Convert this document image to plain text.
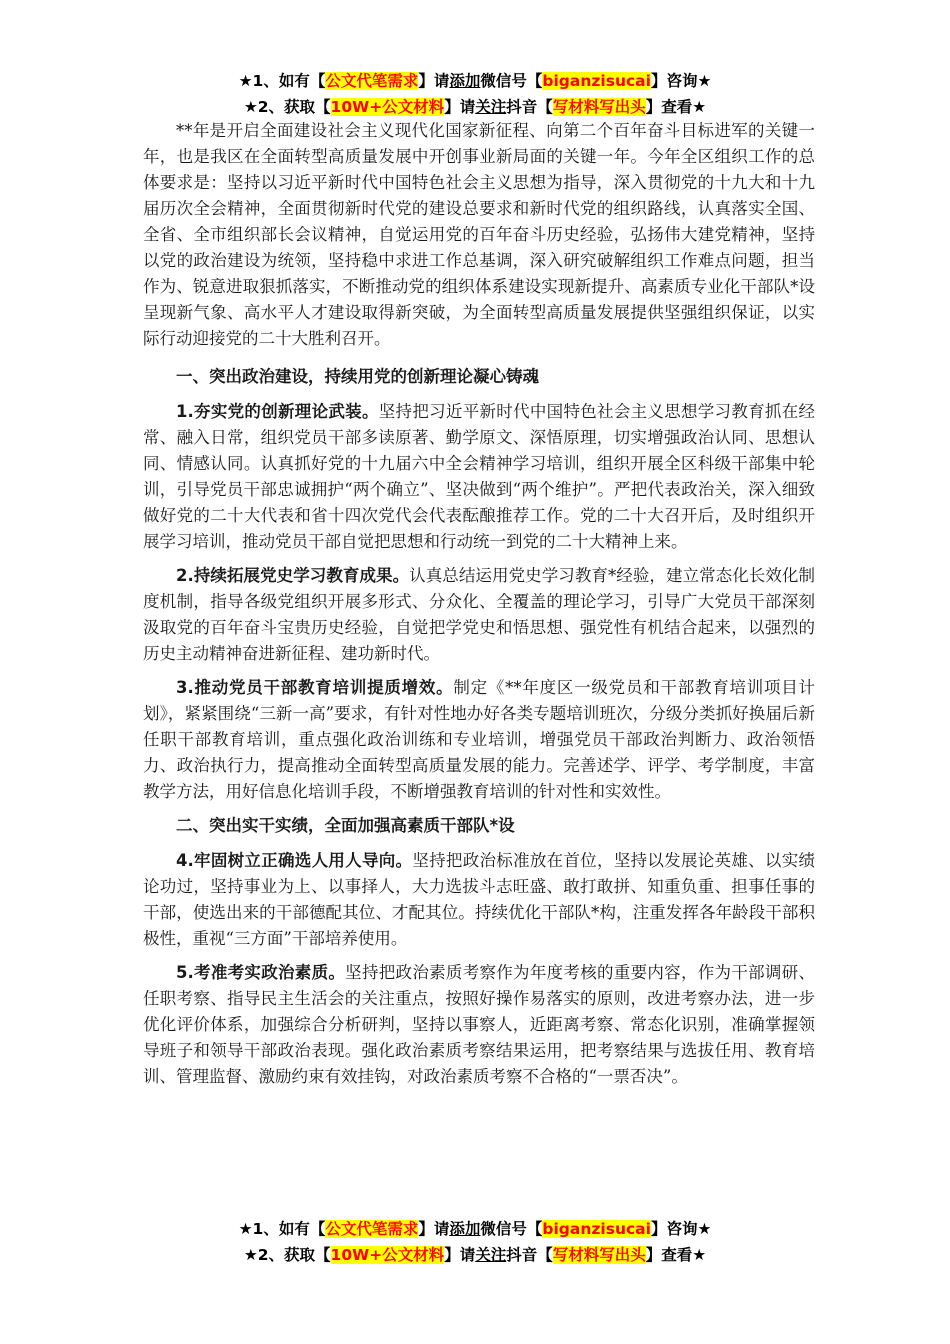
★1、如有【公文代笔需求】请添加微信号【biganzisucai】咨询★
★2、获取【10W+公文材料】请关注抖音【写材料写出头】查看★

**年是开启全面建设社会主义现代化国家新征程、向第二个百年奋斗目标进军的关键一年，也是我区在全面转型高质量发展中开创事业新局面的关键一年。今年全区组织工作的总体要求是：坚持以习近平新时代中国特色社会主义思想为指导，深入贯彻党的十九大和十九届历次全会精神，全面贯彻新时代党的建设总要求和新时代党的组织路线，认真落实全国、全省、全市组织部长会议精神，自觉运用党的百年奋斗历史经验，弘扬伟大建党精神，坚持以党的政治建设为统领，坚持稳中求进工作总基调，深入研究破解组织工作难点问题，担当作为、锐意进取狠抓落实，不断推动党的组织体系建设实现新提升、高素质专业化干部队*设呈现新气象、高水平人才建设取得新突破，为全面转型高质量发展提供坚强组织保证，以实际行动迎接党的二十大胜利召开。

一、突出政治建设，持续用党的创新理论凝心铸魂

1.夯实党的创新理论武装。坚持把习近平新时代中国特色社会主义思想学习教育抓在经常、融入日常，组织党员干部多读原著、勤学原文、深悟原理，切实增强政治认同、思想认同、情感认同。认真抓好党的十九届六中全会精神学习培训，组织开展全区科级干部集中轮训，引导党员干部忠诚拥护“两个确立”、坚决做到“两个维护”。严把代表政治关，深入细致做好党的二十大代表和省十四次党代会代表酝酿推荐工作。党的二十大召开后，及时组织开展学习培训，推动党员干部自觉把思想和行动统一到党的二十大精神上来。

2.持续拓展党史学习教育成果。认真总结运用党史学习教育*经验，建立常态化长效化制度机制，指导各级党组织开展多形式、分众化、全覆盖的理论学习，引导广大党员干部深刻汲取党的百年奋斗宝贵历史经验，自觉把学党史和悟思想、强党性有机结合起来，以强烈的历史主动精神奋进新征程、建功新时代。

3.推动党员干部教育培训提质增效。制定《**年度区一级党员和干部教育培训项目计划》，紧紧围绕“三新一高”要求，有针对性地办好各类专题培训班次，分级分类抓好换届后新任职干部教育培训，重点强化政治训练和专业培训，增强党员干部政治判断力、政治领悟力、政治执行力，提高推动全面转型高质量发展的能力。完善述学、评学、考学制度，丰富教学方法，用好信息化培训手段，不断增强教育培训的针对性和实效性。

二、突出实干实绩，全面加强高素质干部队*设

4.牢固树立正确选人用人导向。坚持把政治标准放在首位，坚持以发展论英雄、以实绩论功过，坚持事业为上、以事择人，大力选拔斗志旺盛、敢打敢拼、知重负重、担事任事的干部，使选出来的干部德配其位、才配其位。持续优化干部队*构，注重发挥各年龄段干部积极性，重视“三方面”干部培养使用。

5.考准考实政治素质。坚持把政治素质考察作为年度考核的重要内容，作为干部调研、任职考察、指导民主生活会的关注重点，按照好操作易落实的原则，改进考察办法，进一步优化评价体系，加强综合分析研判，坚持以事察人，近距离考察、常态化识别，准确掌握领导班子和领导干部政治表现。强化政治素质考察结果运用，把考察结果与选拔任用、教育培训、管理监督、激励约束有效挂钩，对政治素质考察不合格的“一票否决”。

★1、如有【公文代笔需求】请添加微信号【biganzisucai】咨询★
★2、获取【10W+公文材料】请关注抖音【写材料写出头】查看★
